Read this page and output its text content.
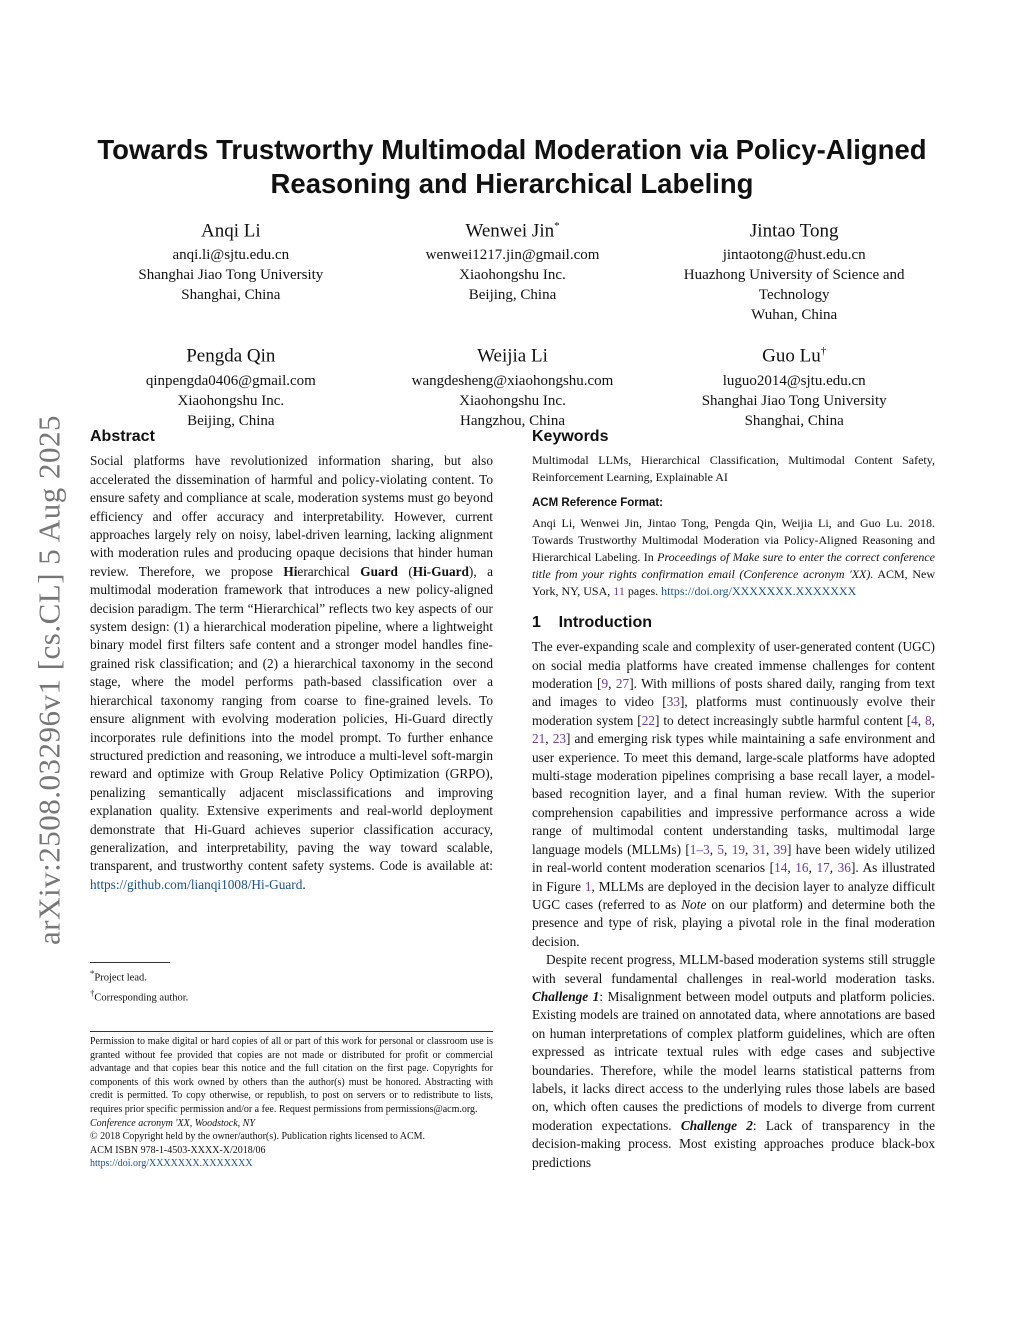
arXiv:2508.03296v1 [cs.CL] 5 Aug 2025
Towards Trustworthy Multimodal Moderation via Policy-Aligned Reasoning and Hierarchical Labeling
Anqi Li
anqi.li@sjtu.edu.cn
Shanghai Jiao Tong University
Shanghai, China
Wenwei Jin*
wenwei1217.jin@gmail.com
Xiaohongshu Inc.
Beijing, China
Jintao Tong
jintaotong@hust.edu.cn
Huazhong University of Science and Technology
Wuhan, China
Pengda Qin
qinpengda0406@gmail.com
Xiaohongshu Inc.
Beijing, China
Weijia Li
wangdesheng@xiaohongshu.com
Xiaohongshu Inc.
Hangzhou, China
Guo Lu†
luguo2014@sjtu.edu.cn
Shanghai Jiao Tong University
Shanghai, China
Abstract

Social platforms have revolutionized information sharing, but also accelerated the dissemination of harmful and policy-violating content. To ensure safety and compliance at scale, moderation systems must go beyond efficiency and offer accuracy and interpretability. However, current approaches largely rely on noisy, label-driven learning, lacking alignment with moderation rules and producing opaque decisions that hinder human review. Therefore, we propose Hierarchical Guard (Hi-Guard), a multimodal moderation framework that introduces a new policy-aligned decision paradigm. The term “Hierarchical” reflects two key aspects of our system design: (1) a hierarchical moderation pipeline, where a lightweight binary model first filters safe content and a stronger model handles fine-grained risk classification; and (2) a hierarchical taxonomy in the second stage, where the model performs path-based classification over a hierarchical taxonomy ranging from coarse to fine-grained levels. To ensure alignment with evolving moderation policies, Hi-Guard directly incorporates rule definitions into the model prompt. To further enhance structured prediction and reasoning, we introduce a multi-level soft-margin reward and optimize with Group Relative Policy Optimization (GRPO), penalizing semantically adjacent misclassifications and improving explanation quality. Extensive experiments and real-world deployment demonstrate that Hi-Guard achieves superior classification accuracy, generalization, and interpretability, paving the way toward scalable, transparent, and trustworthy content safety systems. Code is available at: https://github.com/lianqi1008/Hi-Guard.

*Project lead.
†Corresponding author.
Permission to make digital or hard copies of all or part of this work for personal or classroom use is granted without fee provided that copies are not made or distributed for profit or commercial advantage and that copies bear this notice and the full citation on the first page. Copyrights for components of this work owned by others than the author(s) must be honored. Abstracting with credit is permitted. To copy otherwise, or republish, to post on servers or to redistribute to lists, requires prior specific permission and/or a fee. Request permissions from permissions@acm.org.
Conference acronym 'XX, Woodstock, NY
© 2018 Copyright held by the owner/author(s). Publication rights licensed to ACM.
ACM ISBN 978-1-4503-XXXX-X/2018/06
https://doi.org/XXXXXXX.XXXXXXX
Keywords

Multimodal LLMs, Hierarchical Classification, Multimodal Content Safety, Reinforcement Learning, Explainable AI

ACM Reference Format:

Anqi Li, Wenwei Jin, Jintao Tong, Pengda Qin, Weijia Li, and Guo Lu. 2018. Towards Trustworthy Multimodal Moderation via Policy-Aligned Reasoning and Hierarchical Labeling. In Proceedings of Make sure to enter the correct conference title from your rights confirmation email (Conference acronym 'XX). ACM, New York, NY, USA, 11 pages. https://doi.org/XXXXXXX.XXXXXXX

1    Introduction

The ever-expanding scale and complexity of user-generated content (UGC) on social media platforms have created immense challenges for content moderation [9, 27]. With millions of posts shared daily, ranging from text and images to video [33], platforms must continuously evolve their moderation system [22] to detect increasingly subtle harmful content [4, 8, 21, 23] and emerging risk types while maintaining a safe environment and user experience. To meet this demand, large-scale platforms have adopted multi-stage moderation pipelines comprising a base recall layer, a model-based recognition layer, and a final human review. With the superior comprehension capabilities and impressive performance across a wide range of multimodal content understanding tasks, multimodal large language models (MLLMs) [1–3, 5, 19, 31, 39] have been widely utilized in real-world content moderation scenarios [14, 16, 17, 36]. As illustrated in Figure 1, MLLMs are deployed in the decision layer to analyze difficult UGC cases (referred to as Note on our platform) and determine both the presence and type of risk, playing a pivotal role in the final moderation decision.

Despite recent progress, MLLM-based moderation systems still struggle with several fundamental challenges in real-world moderation tasks. Challenge 1: Misalignment between model outputs and platform policies. Existing models are trained on annotated data, where annotations are based on human interpretations of complex platform guidelines, which are often expressed as intricate textual rules with edge cases and subjective boundaries. Therefore, while the model learns statistical patterns from labels, it lacks direct access to the underlying rules those labels are based on, which often causes the predictions of models to diverge from current moderation expectations. Challenge 2: Lack of transparency in the decision-making process. Most existing approaches produce black-box predictions
